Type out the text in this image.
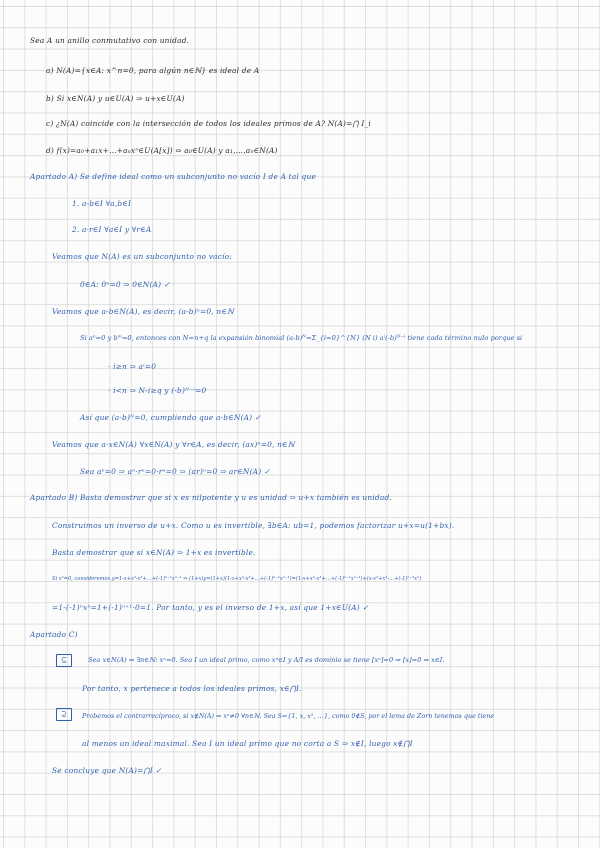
Sea A un anillo conmutativo con unidad.
a) N(A)={x∈A: x^n=0, para algún n∈ℕ} es ideal de A
b) Si x∈N(A) y u∈U(A) ⇒ u+x∈U(A)
c) ¿N(A) coincide con la intersección de todos los ideales primos de A? N(A)=⋂ I_i
d) f(x)=a₀+a₁x+…+aₙxⁿ∈U(A[x]) ⇔ a₀∈U(A) y a₁,…,aₙ∈N(A)
Apartado A) Se define ideal como un subconjunto no vacío I de A tal que
1. a-b∈I ∀a,b∈I
2. a·r∈I ∀a∈I y ∀r∈A
Veamos que N(A) es un subconjunto no vacío:
0∈A: 0ⁿ=0 ⇒ 0∈N(A) ✓
Veamos que a-b∈N(A), es decir, (a-b)ⁿ=0, n∈ℕ
Si aⁿ=0 y bᵐ=0, entonces con N=n+q la expansión binomial (a-b)ᴺ=Σ_{i=0}^{N} (N i) aⁱ(-b)ᴺ⁻ⁱ tiene cada término nulo porque si
· i≥n ⇒ aⁱ=0
· i<n ⇒ N-i≥q y (-b)ᴺ⁻ⁱ=0
Así que (a-b)ᴺ=0, cumpliendo que a-b∈N(A) ✓
Veamos que a·x∈N(A) ∀x∈N(A) y ∀r∈A, es decir, (ax)ⁿ=0, n∈ℕ
Sea aⁿ=0 ⇒ aⁿ·rⁿ=0·rⁿ=0 ⇒ (ar)ⁿ=0 ⇒ ar∈N(A) ✓
Apartado B) Basta demostrar que si x es nilpotente y u es unidad ⇒ u+x también es unidad.
Construimos un inverso de u+x. Como u es invertible, ∃b∈A: ub=1, podemos factorizar u+x=u(1+bx).
Basta demostrar que si x∈N(A) ⇒ 1+x es invertible.
Si xⁿ=0, consideremos y=1-x+x²-x³+…+(-1)ⁿ⁻¹xⁿ⁻¹ ⇒ (1+x)y=(1+x)(1-x+x²-x³+…+(-1)ⁿ⁻¹xⁿ⁻¹)=(1-x+x²-x³+…+(-1)ⁿ⁻¹xⁿ⁻¹)+(x-x²+x³-…+(-1)ⁿ⁻²xⁿ)
=1-(-1)ⁿxⁿ=1+(-1)ⁿ⁺¹·0=1. Por tanto, y es el inverso de 1+x, así que 1+x∈U(A) ✓
Apartado C)
⊆	Sea x∈N(A) ⇒ ∃n∈ℕ: xⁿ=0. Sea I un ideal primo, como xⁿ∈I y A/I es dominio se tiene [xⁿ]=0 ⇒ [x]=0 ⇒ x∈I.
Por tanto, x pertenece a todos los ideales primos, x∈⋂I.
⊇	Probemos el contrarrecíproco, si x∉N(A) ⇒ xⁿ≠0 ∀n∈ℕ. Sea S={1, x, x², …}, como 0∉S, por el lema de Zorn tenemos que tiene
al menos un ideal maximal. Sea I un ideal primo que no corta a S ⇒ x∉I, luego x∉⋂I
Se concluye que N(A)=⋂I ✓
